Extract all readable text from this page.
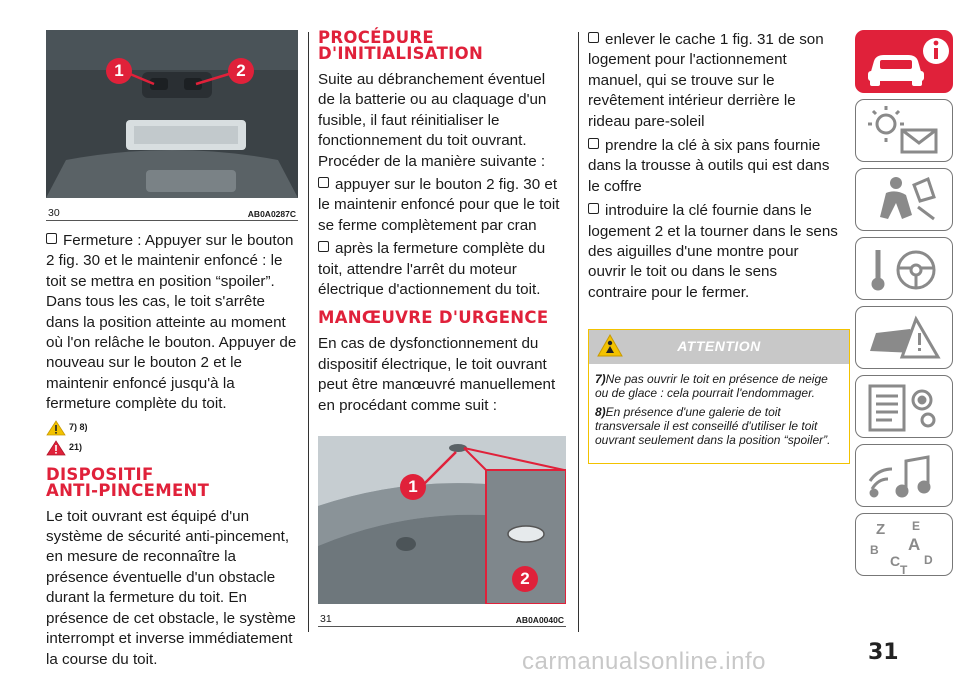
1	2
30	AB0A0287C

Fermeture : Appuyer sur le bouton 2 fig. 30 et le maintenir enfoncé : le toit se mettra en position “spoiler”. Dans tous les cas, le toit s'arrête dans la position atteinte au moment où l'on relâche le bouton. Appuyer de nouveau sur le bouton 2 et le maintenir enfoncé jusqu'à la fermeture complète du toit.

7) 8)
21)
DISPOSITIF
ANTI-PINCEMENT

Le toit ouvrant est équipé d'un système de sécurité anti-pincement, en mesure de reconnaître la présence éventuelle d'un obstacle durant la fermeture du toit. En présence de cet obstacle, le système interrompt et inverse immédiatement la course du toit.

PROCÉDURE
D'INITIALISATION

Suite au débranchement éventuel de la batterie ou au claquage d'un fusible, il faut réinitialiser le fonctionnement du toit ouvrant.

Procéder de la manière suivante :

appuyer sur le bouton 2 fig. 30 et le maintenir enfoncé pour que le toit se ferme complètement par cran

après la fermeture complète du toit, attendre l'arrêt du moteur électrique d'actionnement du toit.

MANŒUVRE D'URGENCE

En cas de dysfonctionnement du dispositif électrique, le toit ouvrant peut être manœuvré manuellement en procédant comme suit :

1
2
31	AB0A0040C

enlever le cache 1 fig. 31 de son logement pour l'actionnement manuel, qui se trouve sur le revêtement intérieur derrière le rideau pare-soleil

prendre la clé à six pans fournie dans la trousse à outils qui est dans le coffre

introduire la clé fournie dans le logement 2 et la tourner dans le sens des aiguilles d'une montre pour ouvrir le toit ou dans le sens contraire pour le fermer.

ATTENTION

7)Ne pas ouvrir le toit en présence de neige ou de glace : cela pourrait l'endommager.

8)En présence d'une galerie de toit transversale il est conseillé d'utiliser le toit ouvrant seulement dans la position “spoiler”.

Z E
B A
C D
T
31
carmanualsonline.info
